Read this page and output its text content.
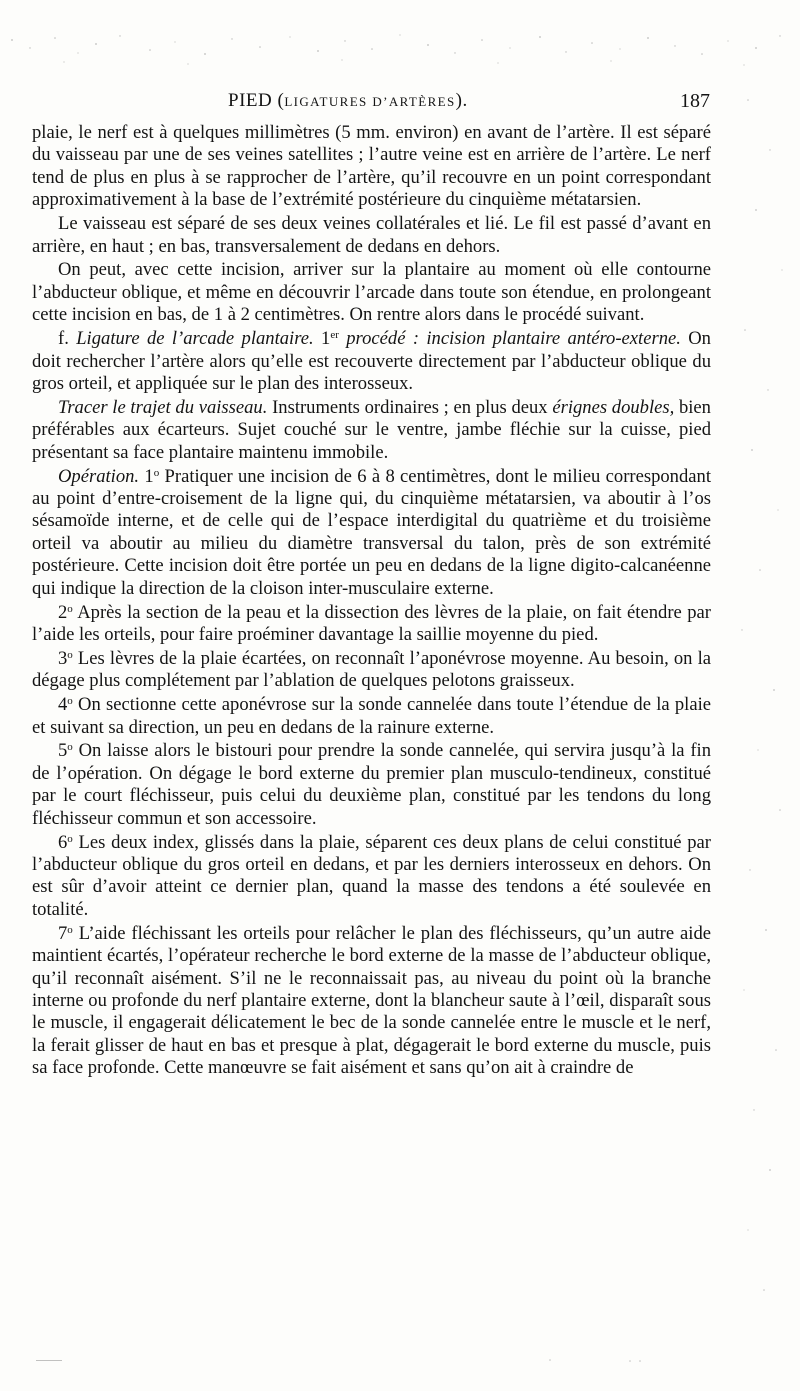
PIED (LIGATURES D’ARTÈRES).	187

plaie, le nerf est à quelques millimètres (5 mm. environ) en avant de l’artère. Il est séparé du vaisseau par une de ses veines satellites ; l’autre veine est en arrière de l’artère. Le nerf tend de plus en plus à se rapprocher de l’artère, qu’il recouvre en un point correspondant approximativement à la base de l’extrémité postérieure du cinquième métatarsien.

Le vaisseau est séparé de ses deux veines collatérales et lié. Le fil est passé d’avant en arrière, en haut ; en bas, transversalement de dedans en dehors.

On peut, avec cette incision, arriver sur la plantaire au moment où elle contourne l’abducteur oblique, et même en découvrir l’arcade dans toute son étendue, en prolongeant cette incision en bas, de 1 à 2 centimètres. On rentre alors dans le procédé suivant.

f. Ligature de l’arcade plantaire. 1er procédé : incision plantaire antéro-externe. On doit rechercher l’artère alors qu’elle est recouverte directement par l’abducteur oblique du gros orteil, et appliquée sur le plan des interosseux.

Tracer le trajet du vaisseau. Instruments ordinaires ; en plus deux érignes doubles, bien préférables aux écarteurs. Sujet couché sur le ventre, jambe fléchie sur la cuisse, pied présentant sa face plantaire maintenu immobile.

Opération. 1$^o$ Pratiquer une incision de 6 à 8 centimètres, dont le milieu correspondant au point d’entre-croisement de la ligne qui, du cinquième métatarsien, va aboutir à l’os sésamoïde interne, et de celle qui de l’espace interdigital du quatrième et du troisième orteil va aboutir au milieu du diamètre transversal du talon, près de son extrémité postérieure. Cette incision doit être portée un peu en dedans de la ligne digito-calcanéenne qui indique la direction de la cloison inter-musculaire externe.

2$^o$ Après la section de la peau et la dissection des lèvres de la plaie, on fait étendre par l’aide les orteils, pour faire proéminer davantage la saillie moyenne du pied.

3$^o$ Les lèvres de la plaie écartées, on reconnaît l’aponévrose moyenne. Au besoin, on la dégage plus complétement par l’ablation de quelques pelotons graisseux.

4$^o$ On sectionne cette aponévrose sur la sonde cannelée dans toute l’étendue de la plaie et suivant sa direction, un peu en dedans de la rainure externe.

5$^o$ On laisse alors le bistouri pour prendre la sonde cannelée, qui servira jusqu’à la fin de l’opération. On dégage le bord externe du premier plan musculo-tendineux, constitué par le court fléchisseur, puis celui du deuxième plan, constitué par les tendons du long fléchisseur commun et son accessoire.

6$^o$ Les deux index, glissés dans la plaie, séparent ces deux plans de celui constitué par l’abducteur oblique du gros orteil en dedans, et par les derniers interosseux en dehors. On est sûr d’avoir atteint ce dernier plan, quand la masse des tendons a été soulevée en totalité.

7$^o$ L’aide fléchissant les orteils pour relâcher le plan des fléchisseurs, qu’un autre aide maintient écartés, l’opérateur recherche le bord externe de la masse de l’abducteur oblique, qu’il reconnaît aisément. S’il ne le reconnaissait pas, au niveau du point où la branche interne ou profonde du nerf plantaire externe, dont la blancheur saute à l’œil, disparaît sous le muscle, il engagerait délicatement le bec de la sonde cannelée entre le muscle et le nerf, la ferait glisser de haut en bas et presque à plat, dégagerait le bord externe du muscle, puis sa face profonde. Cette manœuvre se fait aisément et sans qu’on ait à craindre de
